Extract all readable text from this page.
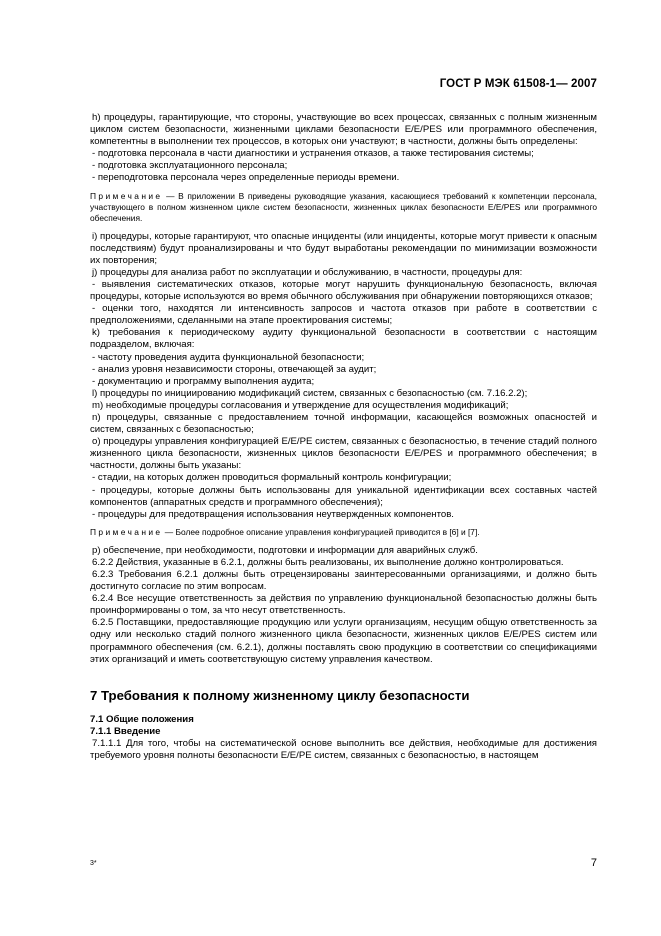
ГОСТ Р МЭК 61508-1— 2007

h) процедуры, гарантирующие, что стороны, участвующие во всех процессах, связанных с полным жизненным циклом систем безопасности, жизненными циклами безопасности E/E/PES или программного обеспечения, компетентны в выполнении тех процессов, в которых они участвуют; в частности, должны быть определены:

- подготовка персонала в части диагностики и устранения отказов, а также тестирования системы;

- подготовка эксплуатационного персонала;

- переподготовка персонала через определенные периоды времени.

Примечание — В приложении В приведены руководящие указания, касающиеся требований к компетенции персонала, участвующего в полном жизненном цикле систем безопасности, жизненных циклах безопасности E/E/PES или программного обеспечения.

i) процедуры, которые гарантируют, что опасные инциденты (или инциденты, которые могут привести к опасным последствиям) будут проанализированы и что будут выработаны рекомендации по минимизации возможности их повторения;

j) процедуры для анализа работ по эксплуатации и обслуживанию, в частности, процедуры для:

- выявления систематических отказов, которые могут нарушить функциональную безопасность, включая процедуры, которые используются во время обычного обслуживания при обнаружении повторяющихся отказов;

- оценки того, находятся ли интенсивность запросов и частота отказов при работе в соответствии с предположениями, сделанными на этапе проектирования системы;

k) требования к периодическому аудиту функциональной безопасности в соответствии с настоящим подразделом, включая:

- частоту проведения аудита функциональной безопасности;

- анализ уровня независимости стороны, отвечающей за аудит;

- документацию и программу выполнения аудита;

l) процедуры по инициированию модификаций систем, связанных с безопасностью (см. 7.16.2.2);

m) необходимые процедуры согласования и утверждение для осуществления модификаций;

n) процедуры, связанные с предоставлением точной информации, касающейся возможных опасностей и систем, связанных с безопасностью;

o) процедуры управления конфигурацией E/E/PE систем, связанных с безопасностью, в течение стадий полного жизненного цикла безопасности, жизненных циклов безопасности E/E/PES и программного обеспечения; в частности, должны быть указаны:

- стадии, на которых должен проводиться формальный контроль конфигурации;

- процедуры, которые должны быть использованы для уникальной идентификации всех составных частей компонентов (аппаратных средств и программного обеспечения);

- процедуры для предотвращения использования неутвержденных компонентов.

Примечание — Более подробное описание управления конфигурацией приводится в [6] и [7].

p) обеспечение, при необходимости, подготовки и информации для аварийных служб.

6.2.2 Действия, указанные в 6.2.1, должны быть реализованы, их выполнение должно контролироваться.

6.2.3 Требования 6.2.1 должны быть отрецензированы заинтересованными организациями, и должно быть достигнуто согласие по этим вопросам.

6.2.4 Все несущие ответственность за действия по управлению функциональной безопасностью должны быть проинформированы о том, за что несут ответственность.

6.2.5 Поставщики, предоставляющие продукцию или услуги организациям, несущим общую ответственность за одну или несколько стадий полного жизненного цикла безопасности, жизненных циклов E/E/PES систем или программного обеспечения (см. 6.2.1), должны поставлять свою продукцию в соответствии со спецификациями этих организаций и иметь соответствующую систему управления качеством.

7 Требования к полному жизненному циклу безопасности

7.1 Общие положения

7.1.1 Введение

7.1.1.1 Для того, чтобы на систематической основе выполнить все действия, необходимые для достижения требуемого уровня полноты безопасности E/E/PE систем, связанных с безопасностью, в настоящем

3*	7
